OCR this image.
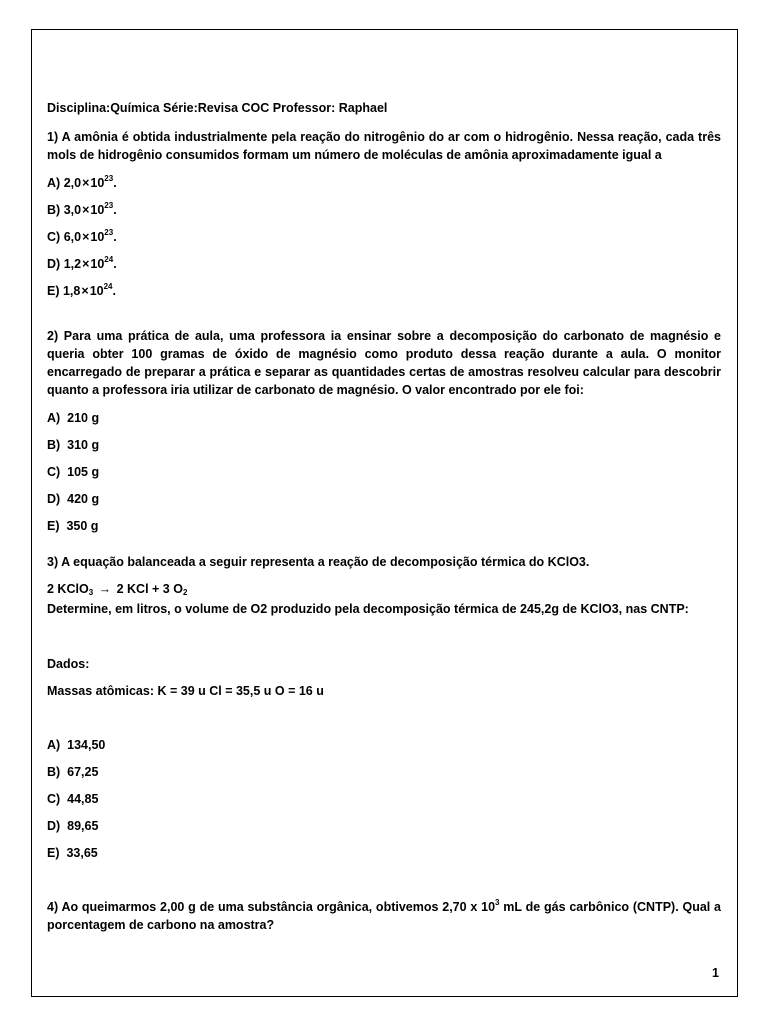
Disciplina:Química Série:Revisa COC Professor: Raphael
1) A amônia é obtida industrialmente pela reação do nitrogênio do ar com o hidrogênio. Nessa reação, cada três mols de hidrogênio consumidos formam um número de moléculas de amônia aproximadamente igual a
A) $2,0\times 10^{23}$.
B) $3,0\times 10^{23}$.
C) $6,0\times 10^{23}$.
D) $1,2\times 10^{24}$.
E) $1,8\times 10^{24}$.
2) Para uma prática de aula, uma professora ia ensinar sobre a decomposição do carbonato de magnésio e queria obter 100 gramas de óxido de magnésio como produto dessa reação durante a aula. O monitor encarregado de preparar a prática e separar as quantidades certas de amostras resolveu calcular para descobrir quanto a professora iria utilizar de carbonato de magnésio. O valor encontrado por ele foi:
A) 210 g
B) 310 g
C) 105 g
D) 420 g
E) 350 g
3) A equação balanceada a seguir representa a reação de decomposição térmica do KClO3.
2 KClO$_3$ → 2 KCl + 3 $O_2$
Determine, em litros, o volume de O2 produzido pela decomposição térmica de 245,2g de KClO3, nas CNTP:
Dados:
Massas atômicas: K = 39 u Cl = 35,5 u O = 16 u
A) 134,50
B) 67,25
C) 44,85
D) 89,65
E) 33,65
4) Ao queimarmos 2,00 g de uma substância orgânica, obtivemos 2,70 x $10^3$ mL de gás carbônico (CNTP). Qual a porcentagem de carbono na amostra?
1
